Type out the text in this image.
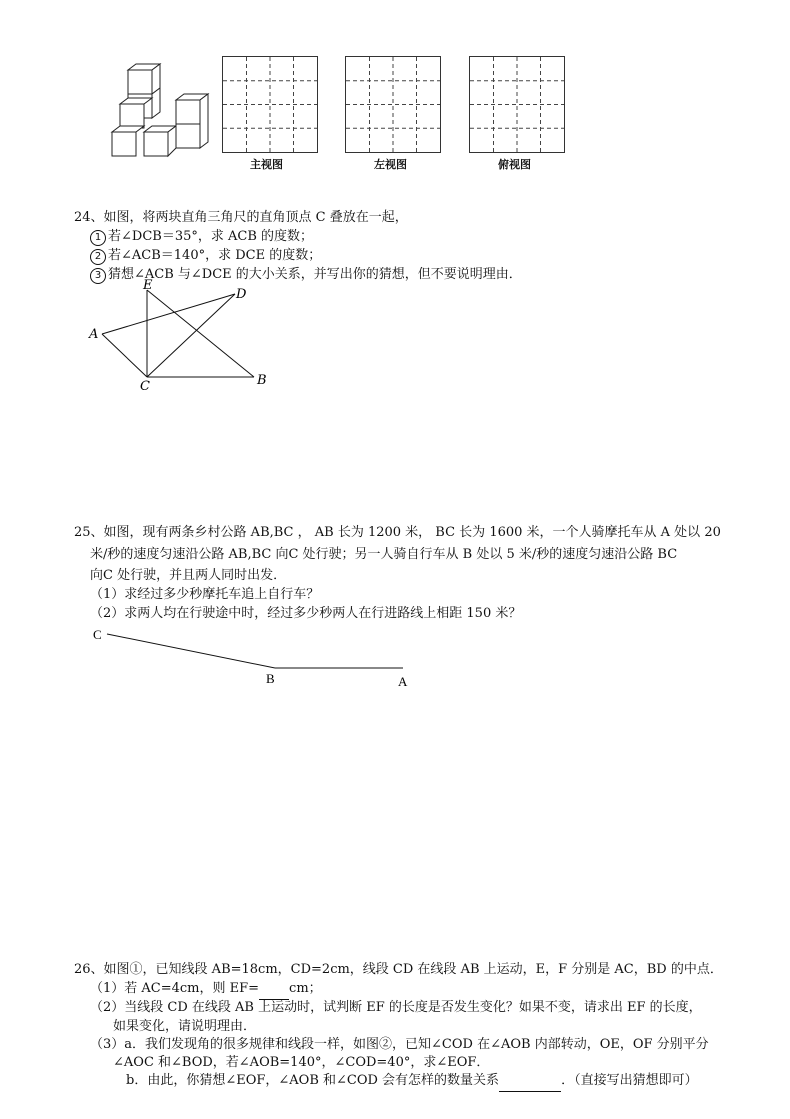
主视图	左视图	俯视图
24、如图，将两块直角三角尺的直角顶点 C 叠放在一起，
1 若∠DCB＝35°，求 ACB 的度数；
2 若∠ACB＝140°，求 DCE 的度数；
3 猜想∠ACB 与∠DCE 的大小关系，并写出你的猜想，但不要说明理由．
E
D
A
C	B
25、如图，现有两条乡村公路 AB,BC ， AB 长为 1200 米， BC 长为 1600 米，一个人骑摩托车从 A 处以 20
米/秒的速度匀速沿公路 AB,BC 向C 处行驶；另一人骑自行车从 B 处以 5 米/秒的速度匀速沿公路 BC
向C 处行驶，并且两人同时出发．
（1）求经过多少秒摩托车追上自行车？
（2）求两人均在行驶途中时，经过多少秒两人在行进路线上相距 150 米？
C
B	A
26、如图①，已知线段 AB=18cm，CD=2cm，线段 CD 在线段 AB 上运动，E，F 分别是 AC，BD 的中点．
（1）若 AC=4cm，则 EF= cm；
（2）当线段 CD 在线段 AB 上运动时，试判断 EF 的长度是否发生变化？如果不变，请求出 EF 的长度，
如果变化，请说明理由．
（3）a．我们发现角的很多规律和线段一样，如图②，已知∠COD 在∠AOB 内部转动，OE，OF 分别平分
∠AOC 和∠BOD，若∠AOB=140°，∠COD=40°，求∠EOF．
b．由此，你猜想∠EOF，∠AOB 和∠COD 会有怎样的数量关系	．（直接写出猜想即可）
